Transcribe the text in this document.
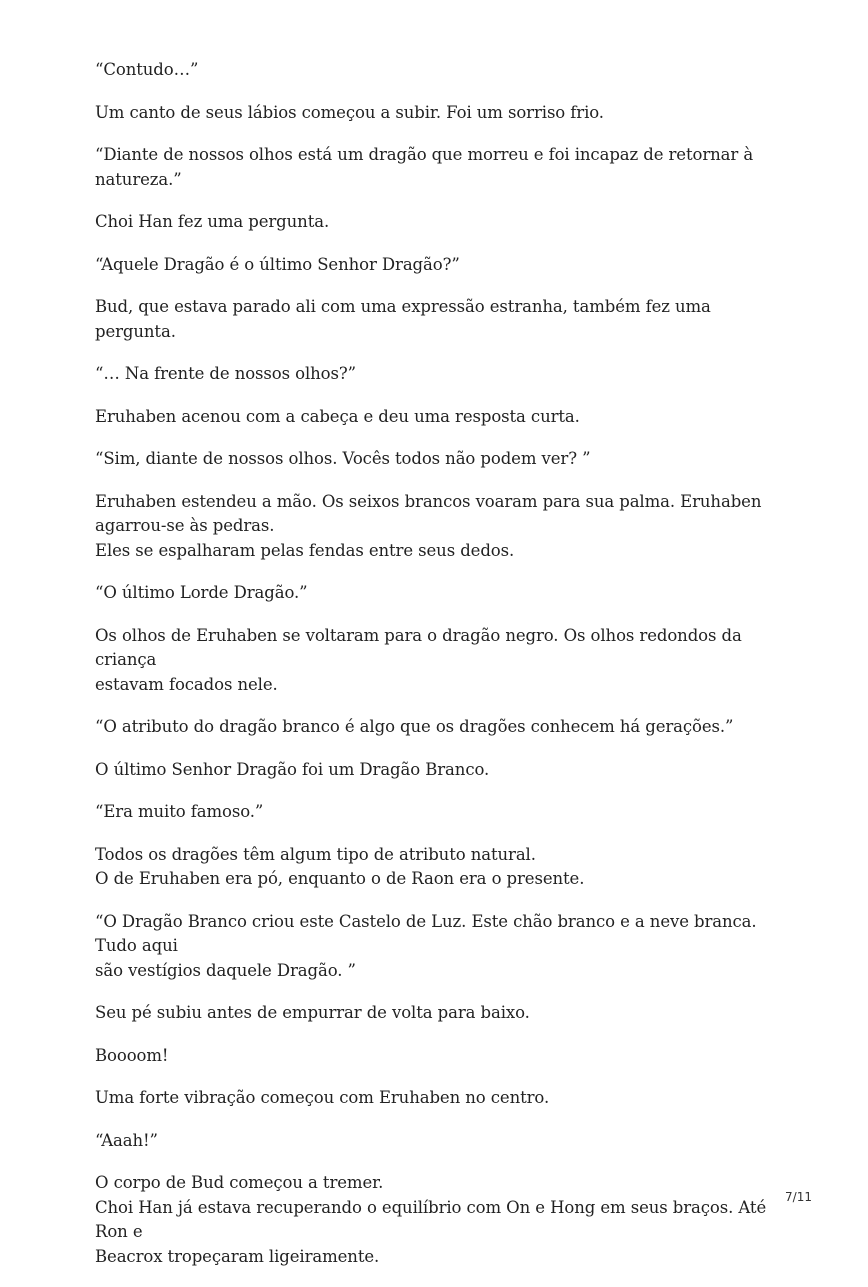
“Contudo…”

Um canto de seus lábios começou a subir. Foi um sorriso frio.

“Diante de nossos olhos está um dragão que morreu e foi incapaz de retornar à
natureza.”

Choi Han fez uma pergunta.

“Aquele Dragão é o último Senhor Dragão?”

Bud, que estava parado ali com uma expressão estranha, também fez uma pergunta.

“… Na frente de nossos olhos?”

Eruhaben acenou com a cabeça e deu uma resposta curta.

“Sim, diante de nossos olhos. Vocês todos não podem ver? ”

Eruhaben estendeu a mão. Os seixos brancos voaram para sua palma. Eruhaben
agarrou-se às pedras.
Eles se espalharam pelas fendas entre seus dedos.

“O último Lorde Dragão.”

Os olhos de Eruhaben se voltaram para o dragão negro. Os olhos redondos da criança
estavam focados nele.

“O atributo do dragão branco é algo que os dragões conhecem há gerações.”

O último Senhor Dragão foi um Dragão Branco.

“Era muito famoso.”

Todos os dragões têm algum tipo de atributo natural.
O de Eruhaben era pó, enquanto o de Raon era o presente.

“O Dragão Branco criou este Castelo de Luz. Este chão branco e a neve branca. Tudo aqui
são vestígios daquele Dragão. ”

Seu pé subiu antes de empurrar de volta para baixo.

Boooom!

Uma forte vibração começou com Eruhaben no centro.

“Aaah!”

O corpo de Bud começou a tremer.
Choi Han já estava recuperando o equilíbrio com On e Hong em seus braços. Até Ron e
Beacrox tropeçaram ligeiramente.

7/11
